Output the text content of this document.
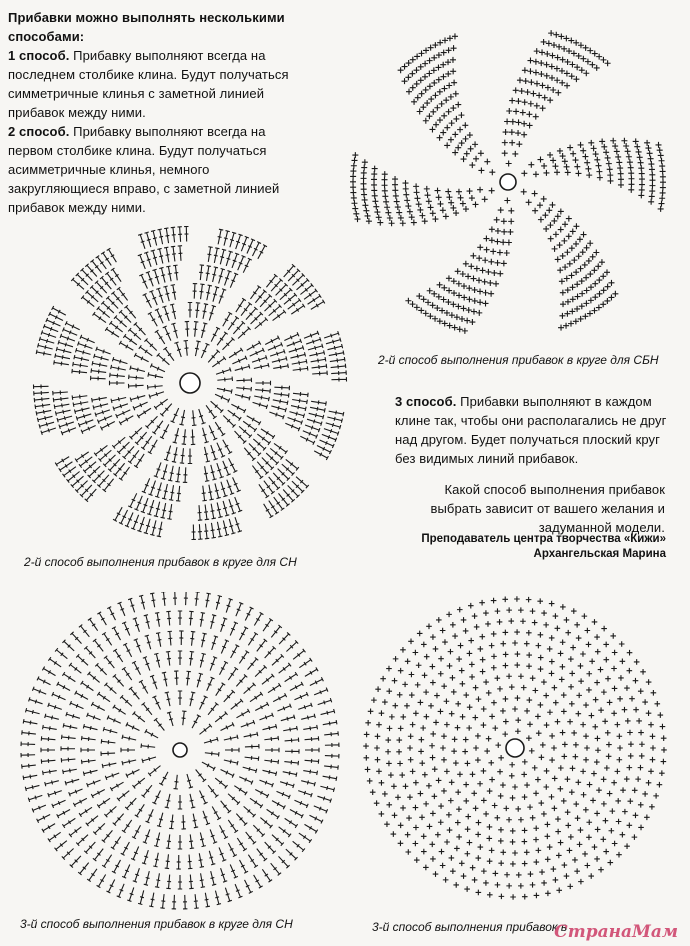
Прибавки можно выполнять несколькими способами:
1 способ. Прибавку выполняют всегда на последнем столбике клина. Будут получаться симметричные клинья с заметной линией прибавок между ними.
2 способ. Прибавку выполняют всегда на первом столбике клина. Будут получаться асимметричные клинья, немного закругляющиеся вправо, с заметной линией прибавок между ними.
2-й способ выполнения прибавок в круге для СБН
2-й способ выполнения прибавок в круге для СН
3 способ. Прибавки выполняют в каждом клине так, чтобы они располагались не друг над другом. Будет получаться плоский круг без видимых линий прибавок.
Какой способ выполнения прибавок выбрать зависит от вашего желания и задуманной модели.
Преподаватель центра творчества «Кижи»
Архангельская Марина
3-й способ выполнения прибавок в круге для СН	3-й способ выполнения прибавок в
СтранаМам
